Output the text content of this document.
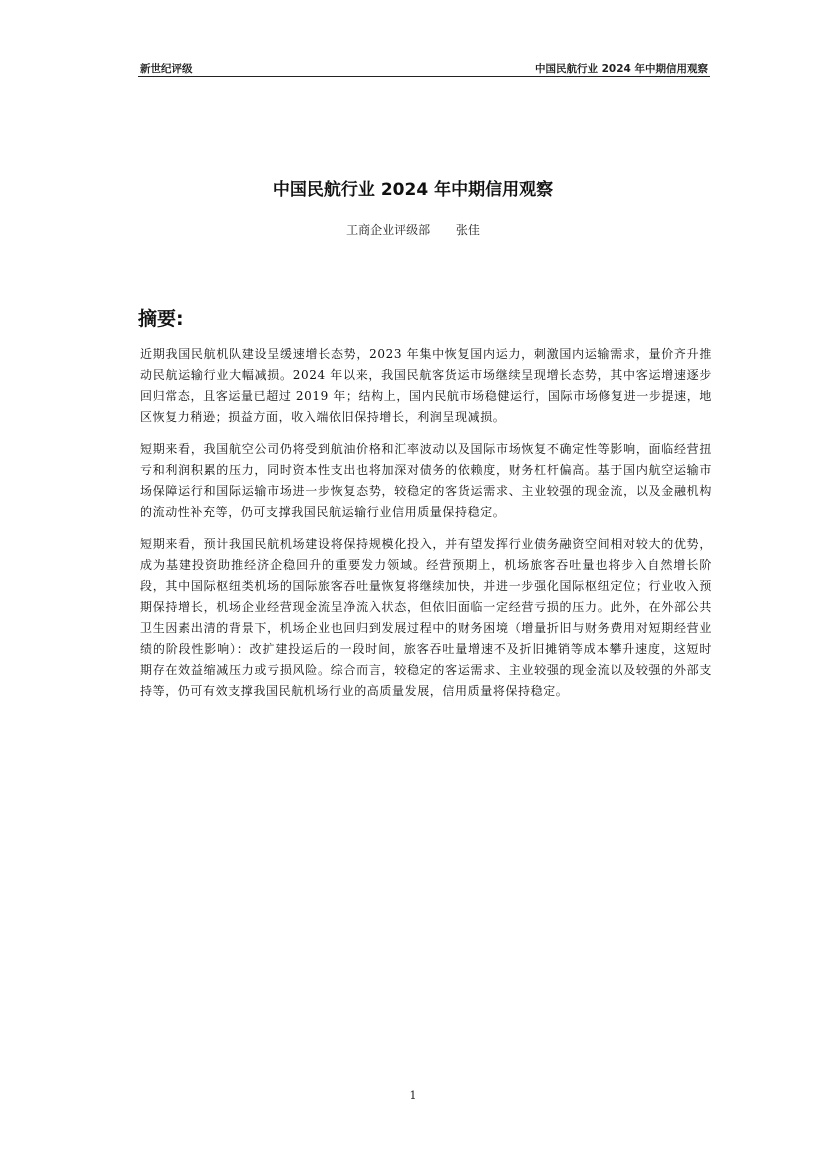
新世纪评级	中国民航行业 2024 年中期信用观察
中国民航行业 2024 年中期信用观察
工商企业评级部 张佳
摘要:

近期我国民航机队建设呈缓速增长态势，2023 年集中恢复国内运力，刺激国内运输需求，量价齐升推动民航运输行业大幅减损。2024 年以来，我国民航客货运市场继续呈现增长态势，其中客运增速逐步回归常态，且客运量已超过 2019 年；结构上，国内民航市场稳健运行，国际市场修复进一步提速，地区恢复力稍逊；损益方面，收入端依旧保持增长，利润呈现减损。

短期来看，我国航空公司仍将受到航油价格和汇率波动以及国际市场恢复不确定性等影响，面临经营扭亏和利润积累的压力，同时资本性支出也将加深对债务的依赖度，财务杠杆偏高。基于国内航空运输市场保障运行和国际运输市场进一步恢复态势，较稳定的客货运需求、主业较强的现金流，以及金融机构的流动性补充等，仍可支撑我国民航运输行业信用质量保持稳定。

短期来看，预计我国民航机场建设将保持规模化投入，并有望发挥行业债务融资空间相对较大的优势，成为基建投资助推经济企稳回升的重要发力领域。经营预期上，机场旅客吞吐量也将步入自然增长阶段，其中国际枢纽类机场的国际旅客吞吐量恢复将继续加快，并进一步强化国际枢纽定位；行业收入预期保持增长，机场企业经营现金流呈净流入状态，但依旧面临一定经营亏损的压力。此外，在外部公共卫生因素出清的背景下，机场企业也回归到发展过程中的财务困境（增量折旧与财务费用对短期经营业绩的阶段性影响）：改扩建投运后的一段时间，旅客吞吐量增速不及折旧摊销等成本攀升速度，这短时期存在效益缩减压力或亏损风险。综合而言，较稳定的客运需求、主业较强的现金流以及较强的外部支持等，仍可有效支撑我国民航机场行业的高质量发展，信用质量将保持稳定。

1
